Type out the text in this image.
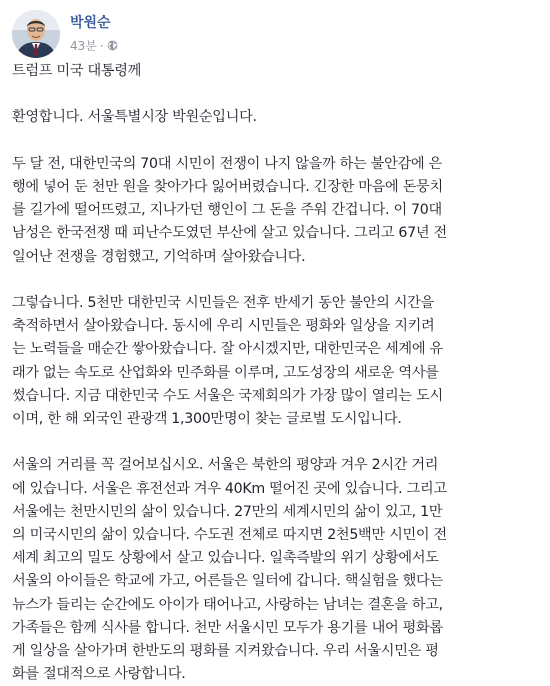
박원순
43분 ·

트럼프 미국 대통령께

환영합니다. 서울특별시장 박원순입니다.

두 달 전, 대한민국의 70대 시민이 전쟁이 나지 않을까 하는 불안감에 은
행에 넣어 둔 천만 원을 찾아가다 잃어버렸습니다. 긴장한 마음에 돈뭉치
를 길가에 떨어뜨렸고, 지나가던 행인이 그 돈을 주워 간겁니다. 이 70대
남성은 한국전쟁 때 피난수도였던 부산에 살고 있습니다. 그리고 67년 전
일어난 전쟁을 경험했고, 기억하며 살아왔습니다.

그렇습니다. 5천만 대한민국 시민들은 전후 반세기 동안 불안의 시간을
축적하면서 살아왔습니다. 동시에 우리 시민들은 평화와 일상을 지키려
는 노력들을 매순간 쌓아왔습니다. 잘 아시겠지만, 대한민국은 세계에 유
래가 없는 속도로 산업화와 민주화를 이루며, 고도성장의 새로운 역사를
썼습니다. 지금 대한민국 수도 서울은 국제회의가 가장 많이 열리는 도시
이며, 한 해 외국인 관광객 1,300만명이 찾는 글로벌 도시입니다.

서울의 거리를 꼭 걸어보십시오. 서울은 북한의 평양과 겨우 2시간 거리
에 있습니다. 서울은 휴전선과 겨우 40Km 떨어진 곳에 있습니다. 그리고
서울에는 천만시민의 삶이 있습니다. 27만의 세계시민의 삶이 있고, 1만
의 미국시민의 삶이 있습니다. 수도권 전체로 따지면 2천5백만 시민이 전
세계 최고의 밀도 상황에서 살고 있습니다. 일촉즉발의 위기 상황에서도
서울의 아이들은 학교에 가고, 어른들은 일터에 갑니다. 핵실험을 했다는
뉴스가 들리는 순간에도 아이가 태어나고, 사랑하는 남녀는 결혼을 하고,
가족들은 함께 식사를 합니다. 천만 서울시민 모두가 용기를 내어 평화롭
게 일상을 살아가며 한반도의 평화를 지켜왔습니다. 우리 서울시민은 평
화를 절대적으로 사랑합니다.
